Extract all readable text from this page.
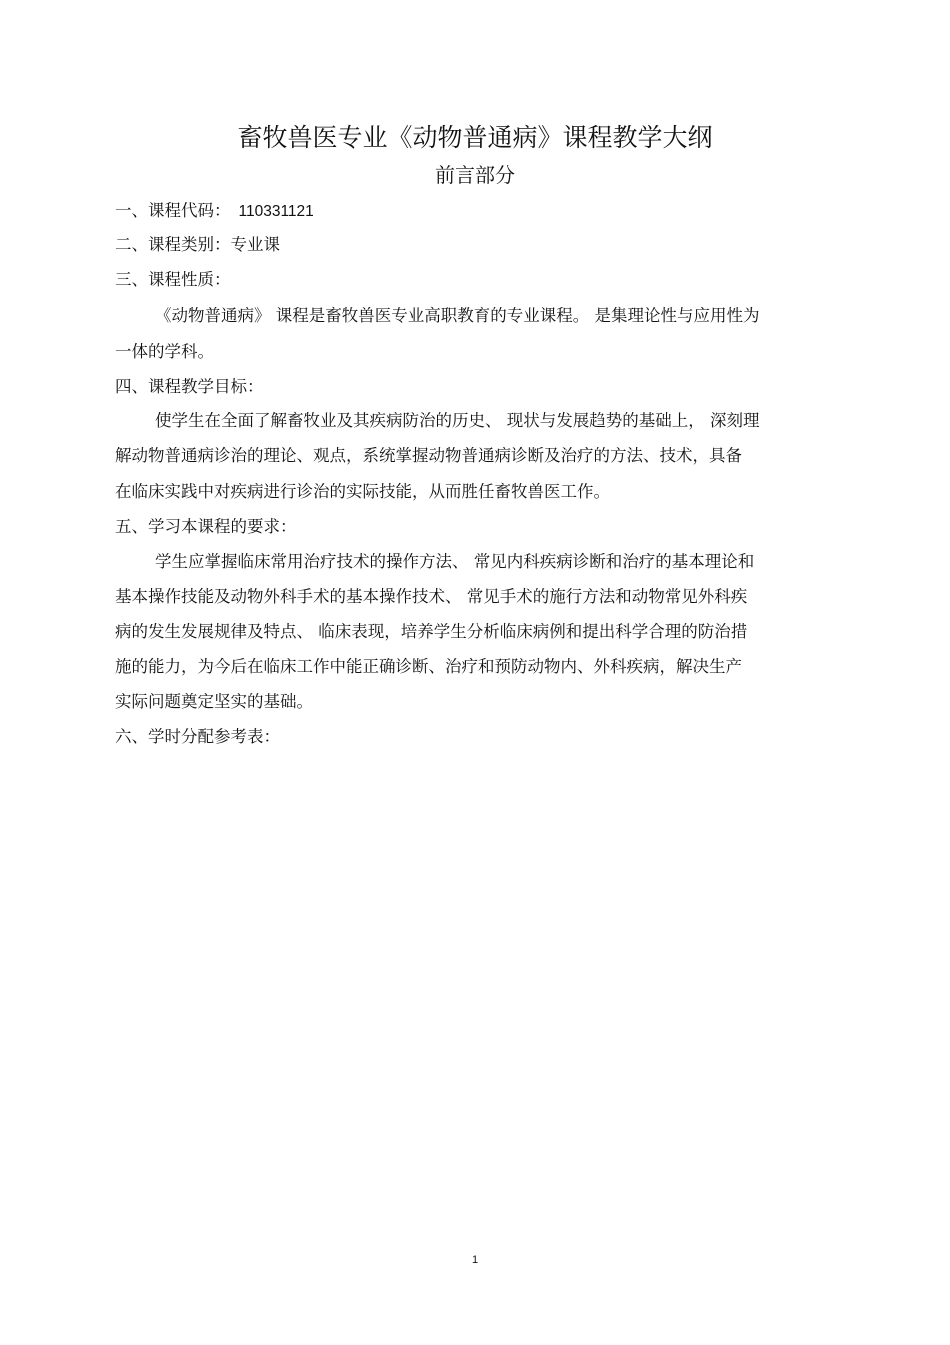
畜牧兽医专业《动物普通病》课程教学大纲
前言部分
一、课程代码： 110331121
二、课程类别：专业课
三、课程性质：
《动物普通病》 课程是畜牧兽医专业高职教育的专业课程。 是集理论性与应用性为
一体的学科。
四、课程教学目标：
使学生在全面了解畜牧业及其疾病防治的历史、 现状与发展趋势的基础上， 深刻理
解动物普通病诊治的理论、观点，系统掌握动物普通病诊断及治疗的方法、技术，具备
在临床实践中对疾病进行诊治的实际技能，从而胜任畜牧兽医工作。
五、学习本课程的要求：
学生应掌握临床常用治疗技术的操作方法、 常见内科疾病诊断和治疗的基本理论和
基本操作技能及动物外科手术的基本操作技术、 常见手术的施行方法和动物常见外科疾
病的发生发展规律及特点、 临床表现，培养学生分析临床病例和提出科学合理的防治措
施的能力，为今后在临床工作中能正确诊断、治疗和预防动物内、外科疾病，解决生产
实际问题奠定坚实的基础。
六、学时分配参考表：
1
